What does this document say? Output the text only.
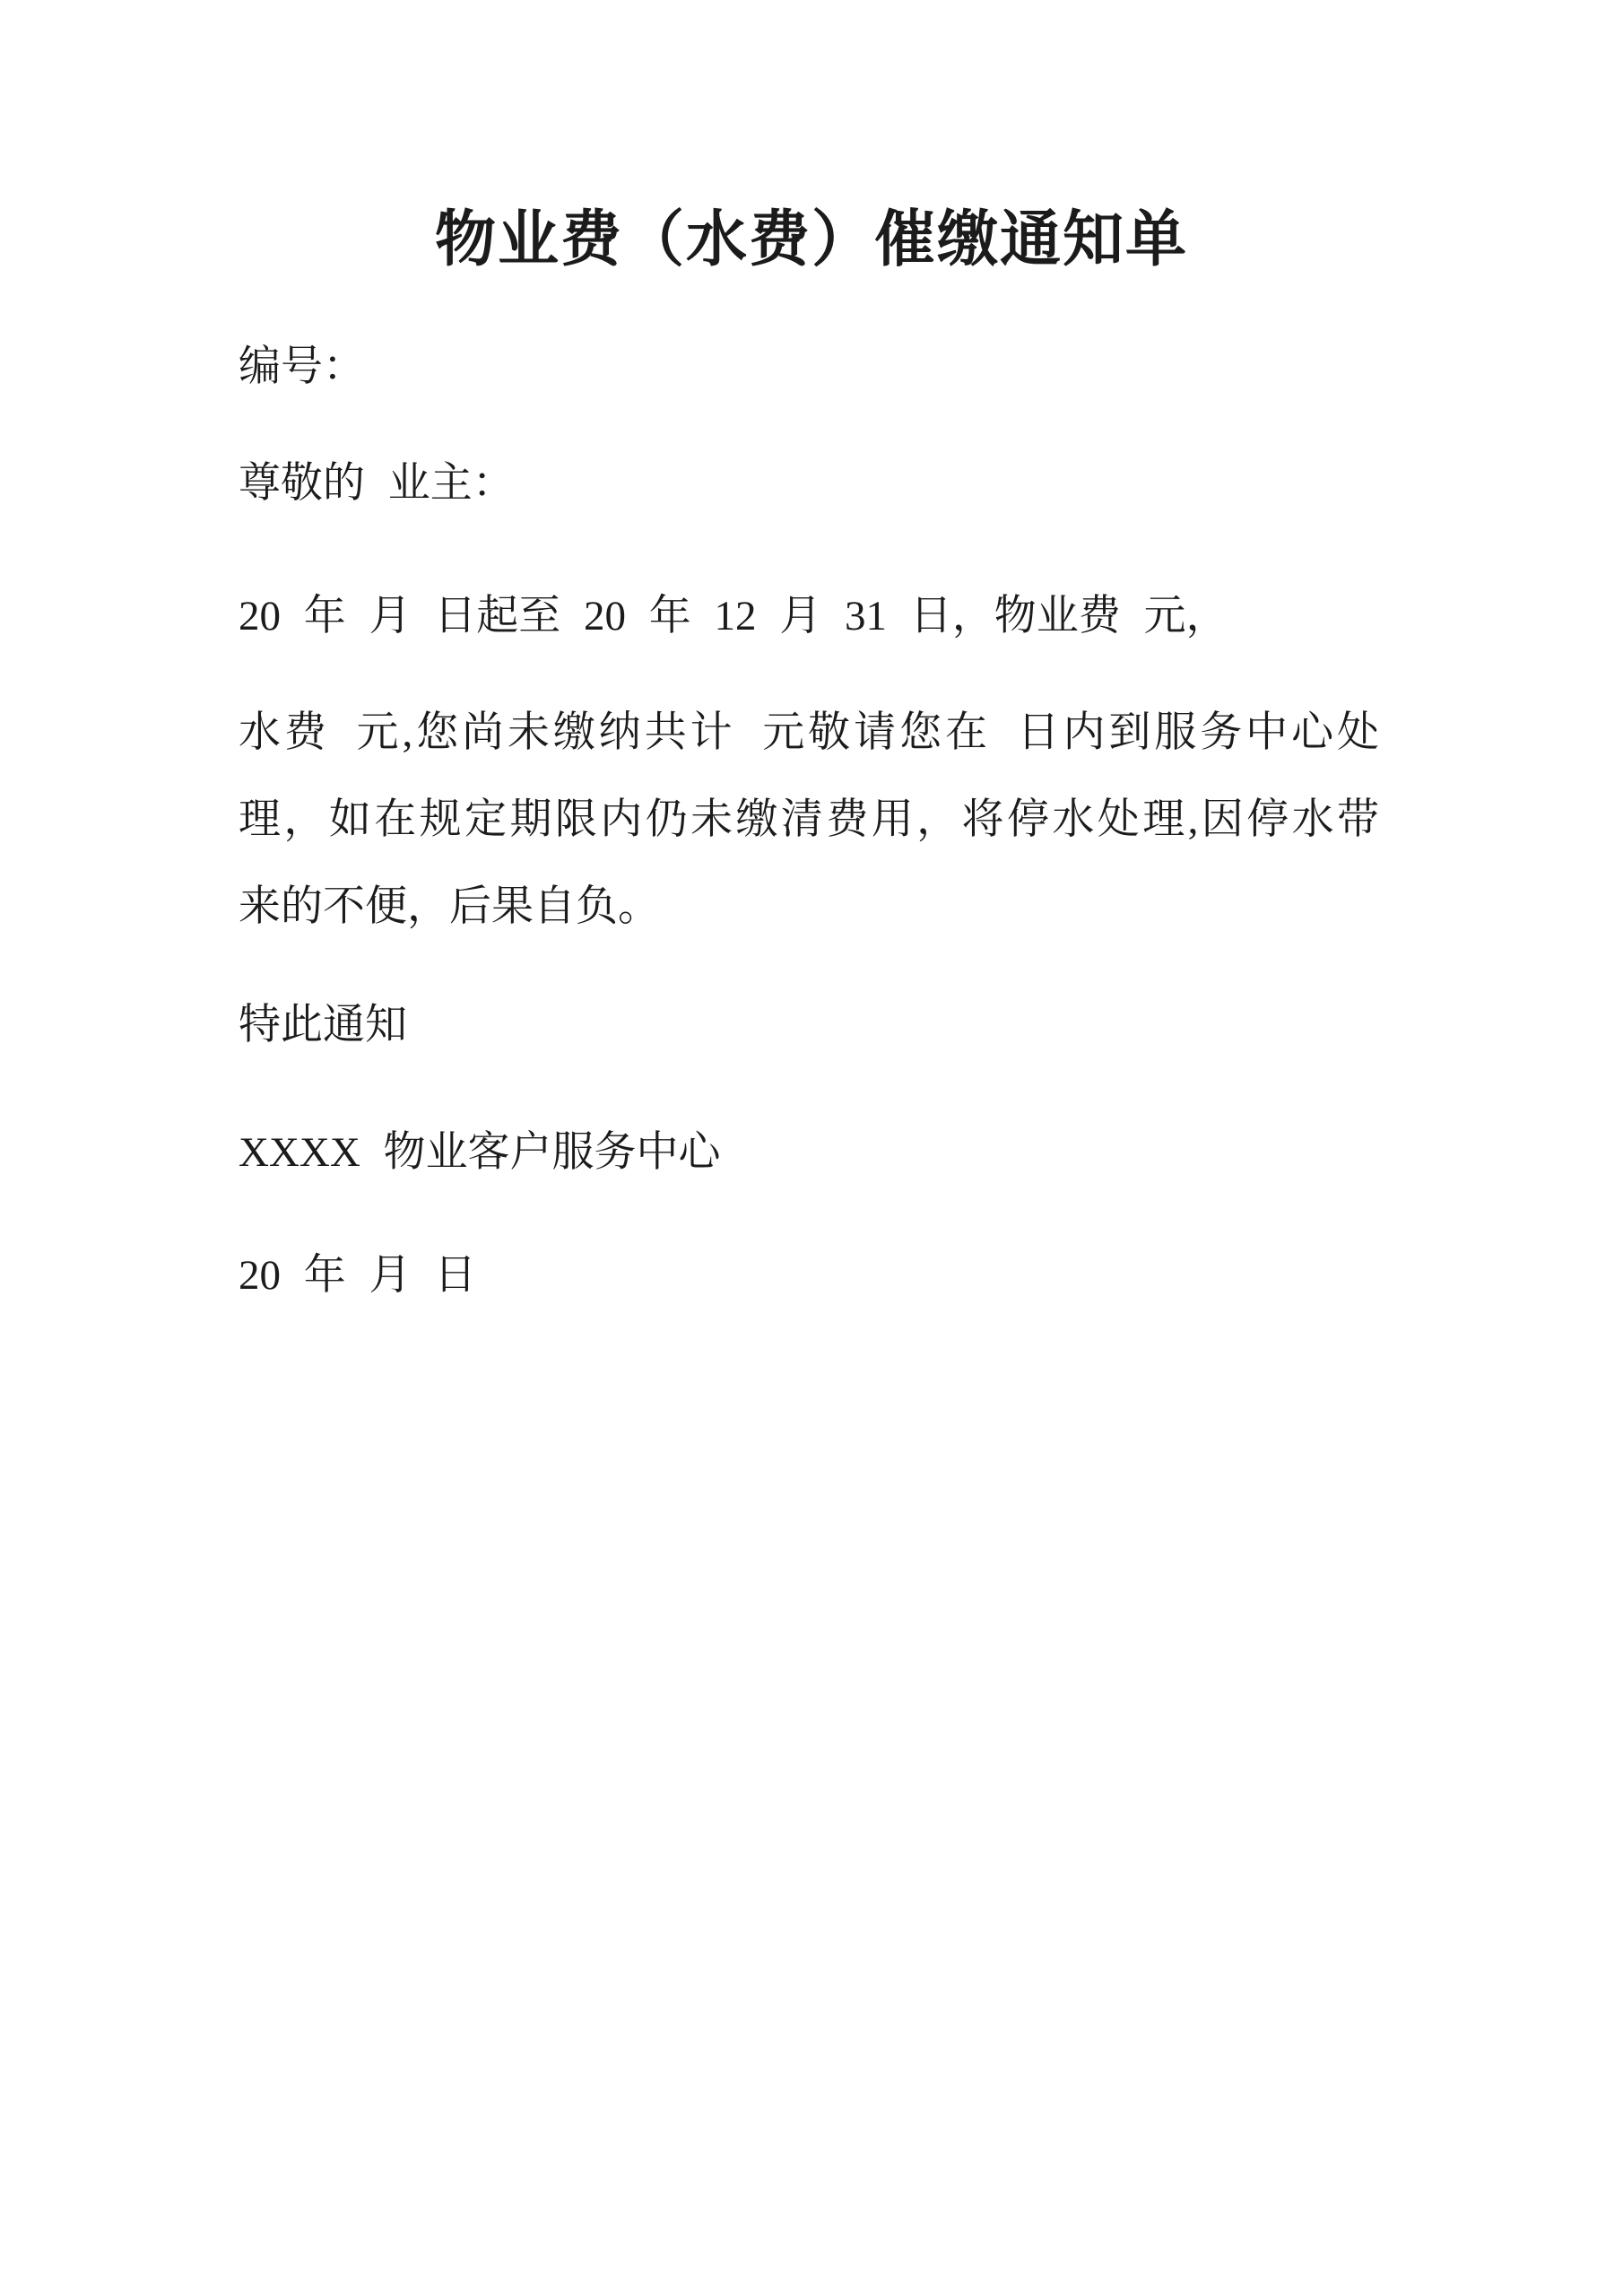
物业费（水费）催缴通知单
编号：
尊敬的 业主：
20 年 月 日起至 20 年 12 月 31 日，物业费 元，
水费 元,您尚未缴纳共计 元敬请您在 日内到服务中心处
理，如在规定期限内仍未缴清费用，将停水处理,因停水带
来的不便，后果自负。
特此通知
XXXX 物业客户服务中心
20 年 月 日
